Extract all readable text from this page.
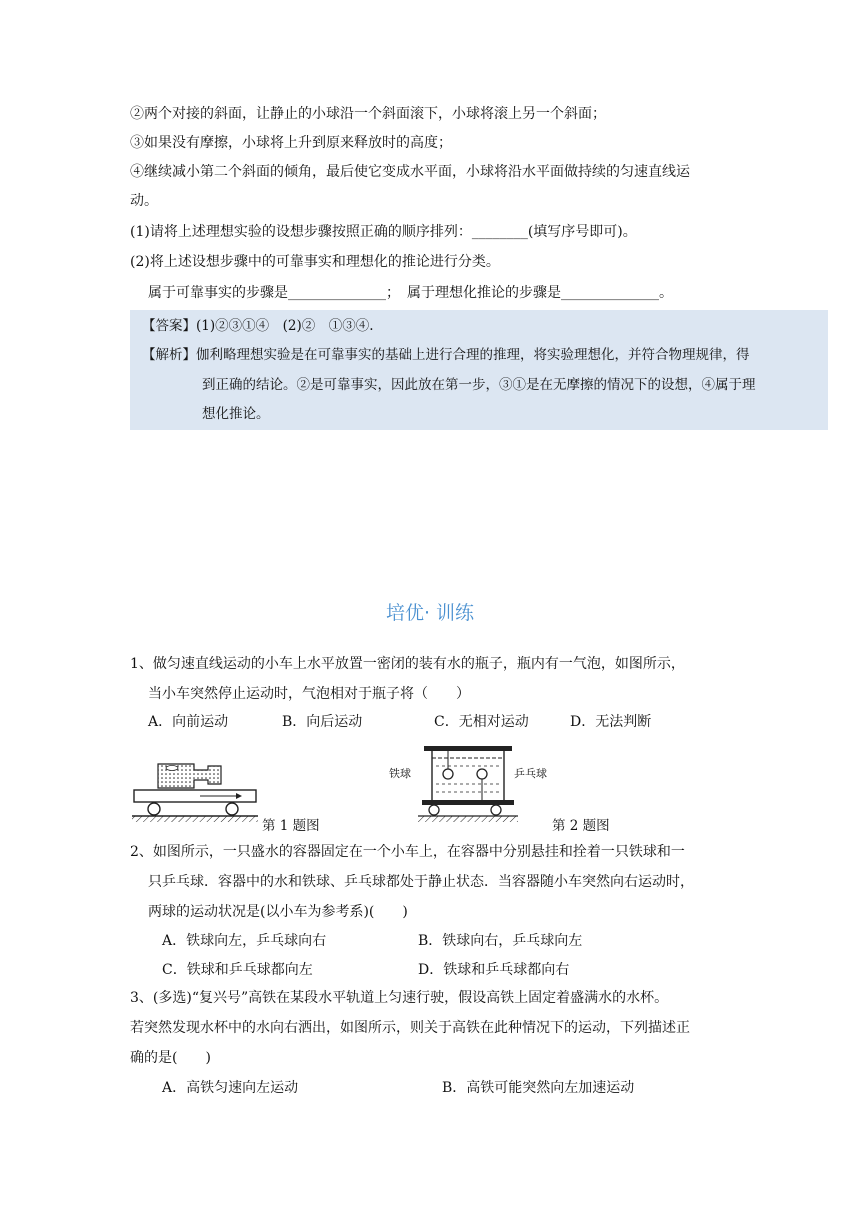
②两个对接的斜面，让静止的小球沿一个斜面滚下，小球将滚上另一个斜面；
③如果没有摩擦，小球将上升到原来释放时的高度；
④继续减小第二个斜面的倾角，最后使它变成水平面，小球将沿水平面做持续的匀速直线运
动。
(1)请将上述理想实验的设想步骤按照正确的顺序排列：________(填写序号即可)。
(2)将上述设想步骤中的可靠事实和理想化的推论进行分类。
属于可靠事实的步骤是______________；　属于理想化推论的步骤是______________。
【答案】(1)②③①④　(2)②　①③④.
【解析】伽利略理想实验是在可靠事实的基础上进行合理的推理，将实验理想化，并符合物理规律，得
到正确的结论。②是可靠事实，因此放在第一步，③①是在无摩擦的情况下的设想，④属于理
想化推论。
培优· 训练
1、做匀速直线运动的小车上水平放置一密闭的装有水的瓶子，瓶内有一气泡，如图所示，
当小车突然停止运动时，气泡相对于瓶子将（　　）
A．向前运动	B．向后运动	C．无相对运动	D．无法判断
第 1 题图
铁球	乒乓球
第 2 题图
2、如图所示，一只盛水的容器固定在一个小车上，在容器中分别悬挂和拴着一只铁球和一
只乒乓球．容器中的水和铁球、乒乓球都处于静止状态．当容器随小车突然向右运动时，
两球的运动状况是(以小车为参考系)(　　)
A．铁球向左，乒乓球向右	B．铁球向右，乒乓球向左
C．铁球和乒乓球都向左	D．铁球和乒乓球都向右
3、(多选)“复兴号”高铁在某段水平轨道上匀速行驶，假设高铁上固定着盛满水的水杯。
若突然发现水杯中的水向右洒出，如图所示，则关于高铁在此种情况下的运动，下列描述正
确的是(　　)
A．高铁匀速向左运动	B．高铁可能突然向左加速运动
